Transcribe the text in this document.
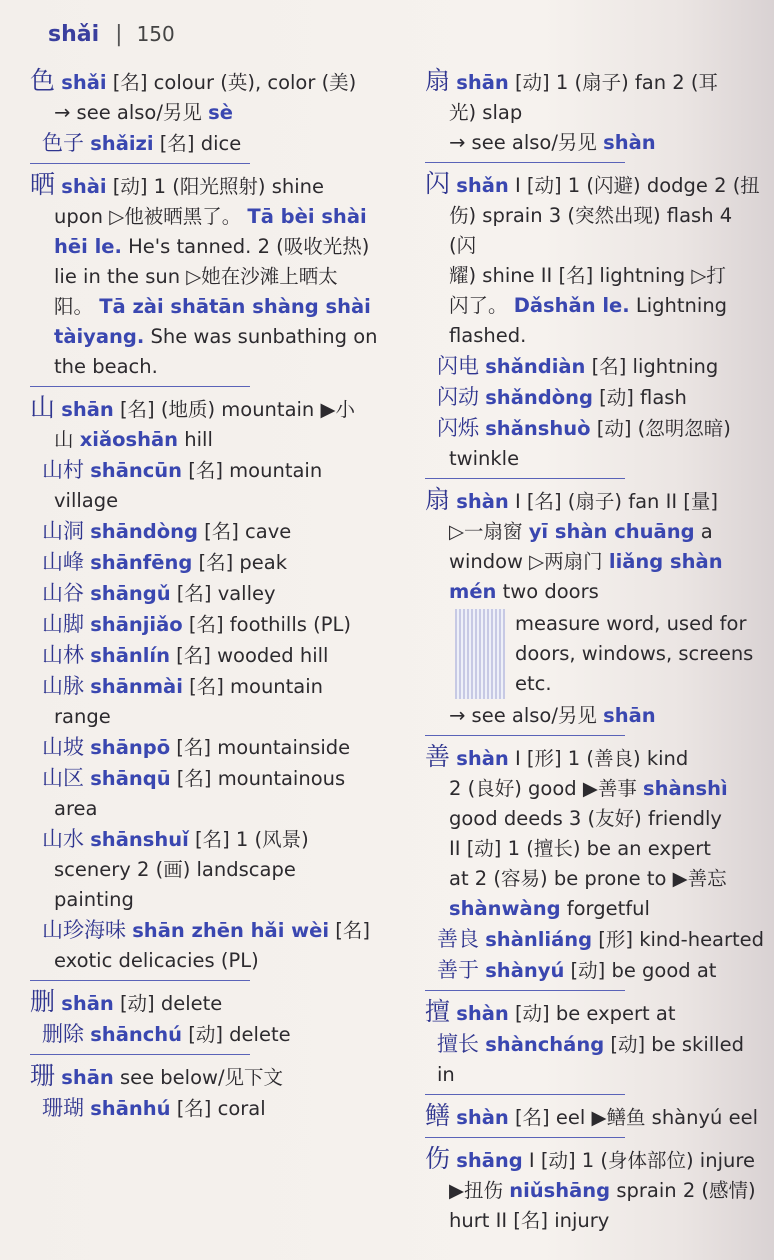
shǎi | 150
色 shǎi [名] colour (英), color (美)
→ see also/另见 sè
色子 shǎizi [名] dice
晒 shài [动] 1 (阳光照射) shine
upon ▷他被晒黑了。 Tā bèi shài
hēi le. He's tanned. 2 (吸收光热)
lie in the sun ▷她在沙滩上晒太
阳。 Tā zài shātān shàng shài
tàiyang. She was sunbathing on
the beach.
山 shān [名] (地质) mountain ▶小
山 xiǎoshān hill
山村 shāncūn [名] mountain
village
山洞 shāndòng [名] cave
山峰 shānfēng [名] peak
山谷 shāngǔ [名] valley
山脚 shānjiǎo [名] foothills (PL)
山林 shānlín [名] wooded hill
山脉 shānmài [名] mountain
range
山坡 shānpō [名] mountainside
山区 shānqū [名] mountainous
area
山水 shānshuǐ [名] 1 (风景)
scenery 2 (画) landscape
painting
山珍海味 shān zhēn hǎi wèi [名]
exotic delicacies (PL)
删 shān [动] delete
删除 shānchú [动] delete
珊 shān see below/见下文
珊瑚 shānhú [名] coral
扇 shān [动] 1 (扇子) fan 2 (耳
光) slap
→ see also/另见 shàn
闪 shǎn I [动] 1 (闪避) dodge 2 (扭
伤) sprain 3 (突然出现) flash 4 (闪
耀) shine II [名] lightning ▷打
闪了。 Dǎshǎn le. Lightning
flashed.
闪电 shǎndiàn [名] lightning
闪动 shǎndòng [动] flash
闪烁 shǎnshuò [动] (忽明忽暗)
twinkle
扇 shàn I [名] (扇子) fan II [量]
▷一扇窗 yī shàn chuāng a
window ▷两扇门 liǎng shàn
mén two doors
measure word, used for
doors, windows, screens
etc.
→ see also/另见 shān
善 shàn I [形] 1 (善良) kind
2 (良好) good ▶善事 shànshì
good deeds 3 (友好) friendly
II [动] 1 (擅长) be an expert
at 2 (容易) be prone to ▶善忘
shànwàng forgetful
善良 shànliáng [形] kind-hearted
善于 shànyú [动] be good at
擅 shàn [动] be expert at
擅长 shàncháng [动] be skilled in
鳝 shàn [名] eel ▶鳝鱼 shànyú eel
伤 shāng I [动] 1 (身体部位) injure
▶扭伤 niǔshāng sprain 2 (感情)
hurt II [名] injury
